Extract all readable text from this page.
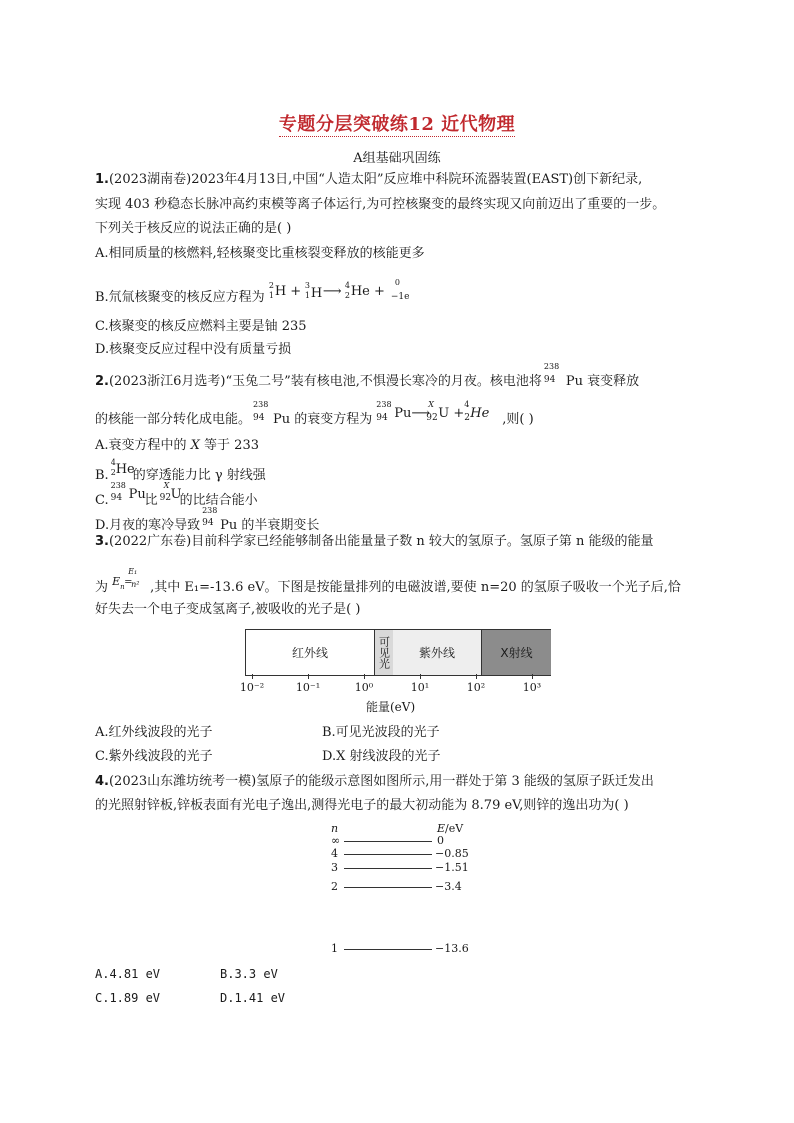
专题分层突破练12 近代物理
A组基础巩固练
1.(2023湖南卷)2023年4月13日,中国“人造太阳”反应堆中科院环流器装置(EAST)创下新纪录,
实现 403 秒稳态长脉冲高约束模等离子体运行,为可控核聚变的最终实现又向前迈出了重要的一步。
下列关于核反应的说法正确的是( )
A.相同质量的核燃料,轻核聚变比重核裂变释放的核能更多
B.氘氚核聚变的核反应方程为
2
1 H + 3
1 H ⟶ 4
2 He +
0
−1e
C.核聚变的核反应燃料主要是铀 235
D.核聚变反应过程中没有质量亏损
2.(2023浙江6月选考)“玉兔二号”装有核电池,不惧漫长寒冷的月夜。核电池将
238
94 Pu 衰变释放
的核能一部分转化成电能。
238
94 Pu 的衰变方程为
238
94 Pu⟶
X
92 U +
4
2 He ,则( )
A.衰变方程中的 X 等于 233
B.
4
2 He
的穿透能力比 γ 射线强
C.
238
94 Pu
比
X
92 U
的比结合能小
D.月夜的寒冷导致
238
94 Pu 的半衰期变长
3.(2022广东卷)目前科学家已经能够制备出能量量子数 n 较大的氢原子。氢原子第 n 能级的能量
为
E₁
E n =
n² ,其中 E₁=-13.6 eV。下图是按能量排列的电磁波谱,要使 n=20 的氢原子吸收一个光子后,恰
好失去一个电子变成氢离子,被吸收的光子是( )
红外线	可见光	紫外线	X射线
10⁻²	10⁻¹	10⁰	10¹	10²	10³
能量(eV)
A.红外线波段的光子	B.可见光波段的光子
C.紫外线波段的光子	D.X 射线波段的光子
4.(2023山东潍坊统考一模)氢原子的能级示意图如图所示,用一群处于第 3 能级的氢原子跃迁发出
的光照射锌板,锌板表面有光电子逸出,测得光电子的最大初动能为 8.79 eV,则锌的逸出功为( )
n	E/eV
∞	0
4	−0.85
3	−1.51
2	−3.4
1	−13.6
A.4.81 eV	B.3.3 eV
C.1.89 eV	D.1.41 eV
